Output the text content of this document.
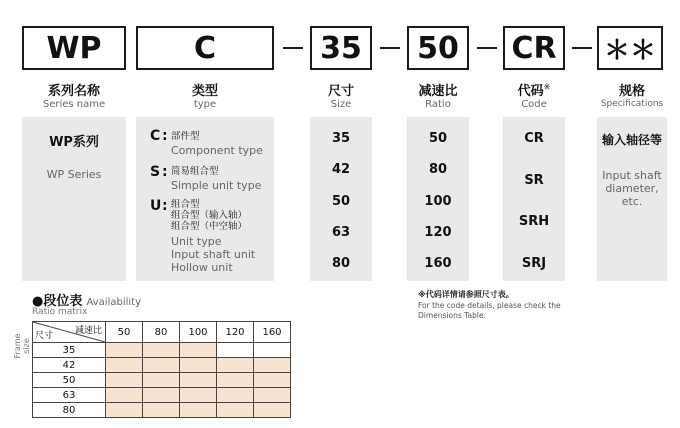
WP	C	35	50	CR	＊＊
系列名称
Series name
类型
type
尺寸
Size
减速比
Ratio
代码※
Code
规格
Specifications
WP系列
WP Series
C : 部件型
Component type
S : 简易组合型
Simple unit type
U : 组合型
组合型（输入轴）
组合型（中空轴）
Unit type
Input shaft unit
Hollow unit
35
42
50
63
80
50
80
100
120
160
CR
SR
SRH
SRJ
输入轴径等
Input shaft diameter, etc.
※代码详情请参照尺寸表。
For the code details, please check the Dimensions Table.
●段位表 Availability
Ratio matrix
Frame size
减速比
尺寸	50	80	100	120	160
35					
42					
50					
63					
80					
